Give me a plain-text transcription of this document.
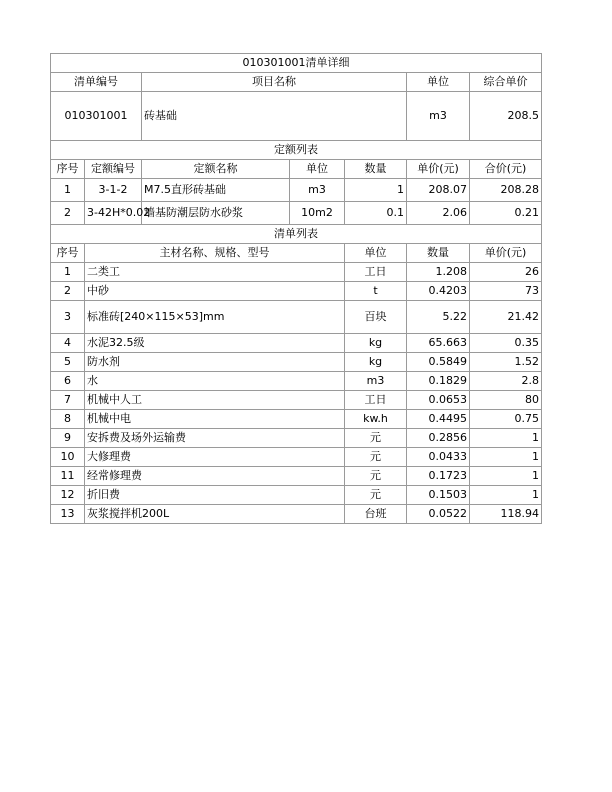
010301001清单详细							
清单编号		项目名称			单位	综合单价	
010301001		砖基础			m3	208.5	
定额列表							
序号	定额编号	定额名称	单位	数量	单价(元)	合价(元)	
1	3-1-2	M7.5直形砖基础	m3	1	208.07	208.28	
2	3-42H*0.02	墙基防潮层防水砂浆	10m2	0.1	2.06	0.21	
清单列表							
序号	主材名称、规格、型号			单位	数量	单价(元)	
1	二类工			工日	1.208	26	
2	中砂			t	0.4203	73	
3	标准砖[240×115×53]mm			百块	5.22	21.42	
4	水泥32.5级			kg	65.663	0.35	
5	防水剂			kg	0.5849	1.52	
6	水			m3	0.1829	2.8	
7	机械中人工			工日	0.0653	80	
8	机械中电			kw.h	0.4495	0.75	
9	安拆费及场外运输费			元	0.2856	1	
10	大修理费			元	0.0433	1	
11	经常修理费			元	0.1723	1	
12	折旧费			元	0.1503	1	
13	灰浆搅拌机200L			台班	0.0522	118.94	
